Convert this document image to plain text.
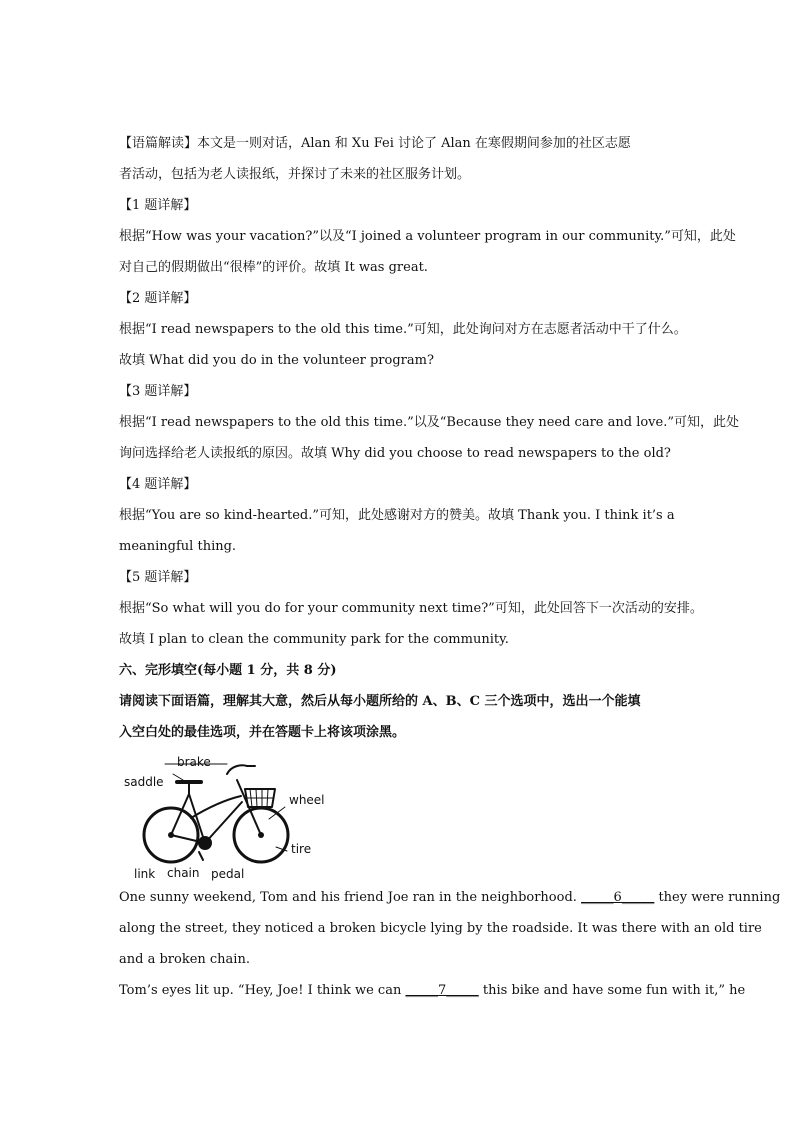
【语篇解读】本文是一则对话，Alan 和 Xu Fei 讨论了 Alan 在寒假期间参加的社区志愿
者活动，包括为老人读报纸，并探讨了未来的社区服务计划。
【1 题详解】
根据“How was your vacation?”以及“I joined a volunteer program in our community.”可知，此处
对自己的假期做出“很棒”的评价。故填 It was great.
【2 题详解】
根据“I read newspapers to the old this time.”可知，此处询问对方在志愿者活动中干了什么。
故填 What did you do in the volunteer program?
【3 题详解】
根据“I read newspapers to the old this time.”以及“Because they need care and love.”可知，此处
询问选择给老人读报纸的原因。故填 Why did you choose to read newspapers to the old?
【4 题详解】
根据“You are so kind-hearted.”可知，此处感谢对方的赞美。故填 Thank you. I think it’s a
meaningful thing.
【5 题详解】
根据“So what will you do for your community next time?”可知，此处回答下一次活动的安排。
故填 I plan to clean the community park for the community.
六、完形填空(每小题 1 分，共 8 分)
请阅读下面语篇，理解其大意，然后从每小题所给的 A、B、C 三个选项中，选出一个能填
入空白处的最佳选项，并在答题卡上将该项涂黑。
brake
saddle
wheel
tire
link chain pedal
One sunny weekend, Tom and his friend Joe ran in the neighborhood. _____6_____ they were running
along the street, they noticed a broken bicycle lying by the roadside. It was there with an old tire
and a broken chain.
Tom’s eyes lit up. “Hey, Joe! I think we can _____7_____ this bike and have some fun with it,” he
